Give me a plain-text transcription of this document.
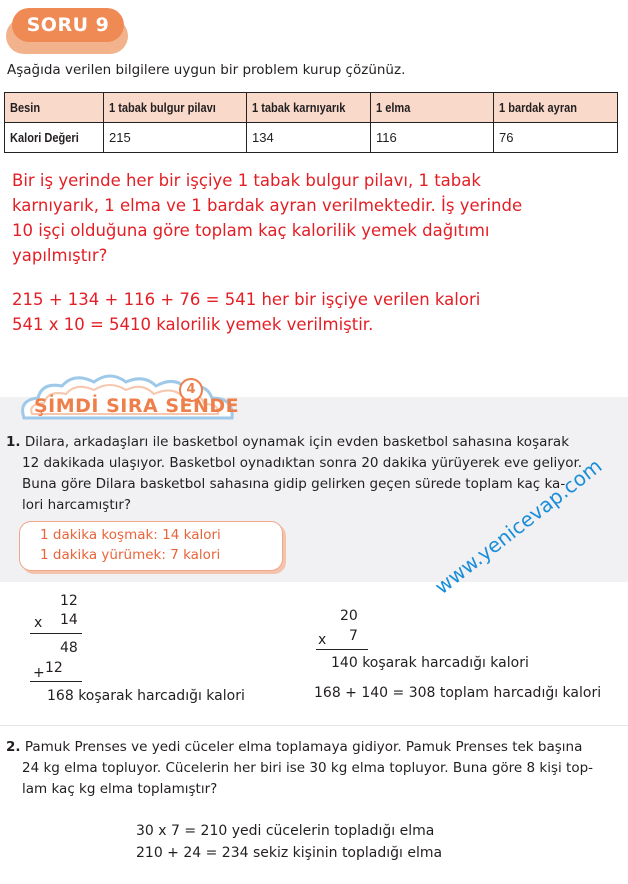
SORU 9
Aşağıda verilen bilgilere uygun bir problem kurup çözünüz.
Besin	1 tabak bulgur pilavı	1 tabak karnıyarık	1 elma	1 bardak ayran
Kalori Değeri	215	134	116	76
Bir iş yerinde her bir işçiye 1 tabak bulgur pilavı, 1 tabak
karnıyarık, 1 elma ve 1 bardak ayran verilmektedir. İş yerinde
10 işçi olduğuna göre toplam kaç kalorilik yemek dağıtımı
yapılmıştır?
215 + 134 + 116 + 76 = 541 her bir işçiye verilen kalori
541 x 10 = 5410 kalorilik yemek verilmiştir.
4
ŞİMDİ SIRA SENDE
1. Dilara, arkadaşları ile basketbol oynamak için evden basketbol sahasına koşarak
12 dakikada ulaşıyor. Basketbol oynadıktan sonra 20 dakika yürüyerek eve geliyor.
Buna göre Dilara basketbol sahasına gidip gelirken geçen sürede toplam kaç ka-
lori harcamıştır?
1 dakika koşmak: 14 kalori
1 dakika yürümek: 7 kalori
12
x 14
48
+ 12
168 koşarak harcadığı kalori
20
x 7
140 koşarak harcadığı kalori
168 + 140 = 308 toplam harcadığı kalori
www.yenicevap.com
2. Pamuk Prenses ve yedi cüceler elma toplamaya gidiyor. Pamuk Prenses tek başına
24 kg elma topluyor. Cücelerin her biri ise 30 kg elma topluyor. Buna göre 8 kişi top-
lam kaç kg elma toplamıştır?
30 x 7 = 210 yedi cücelerin topladığı elma
210 + 24 = 234 sekiz kişinin topladığı elma
